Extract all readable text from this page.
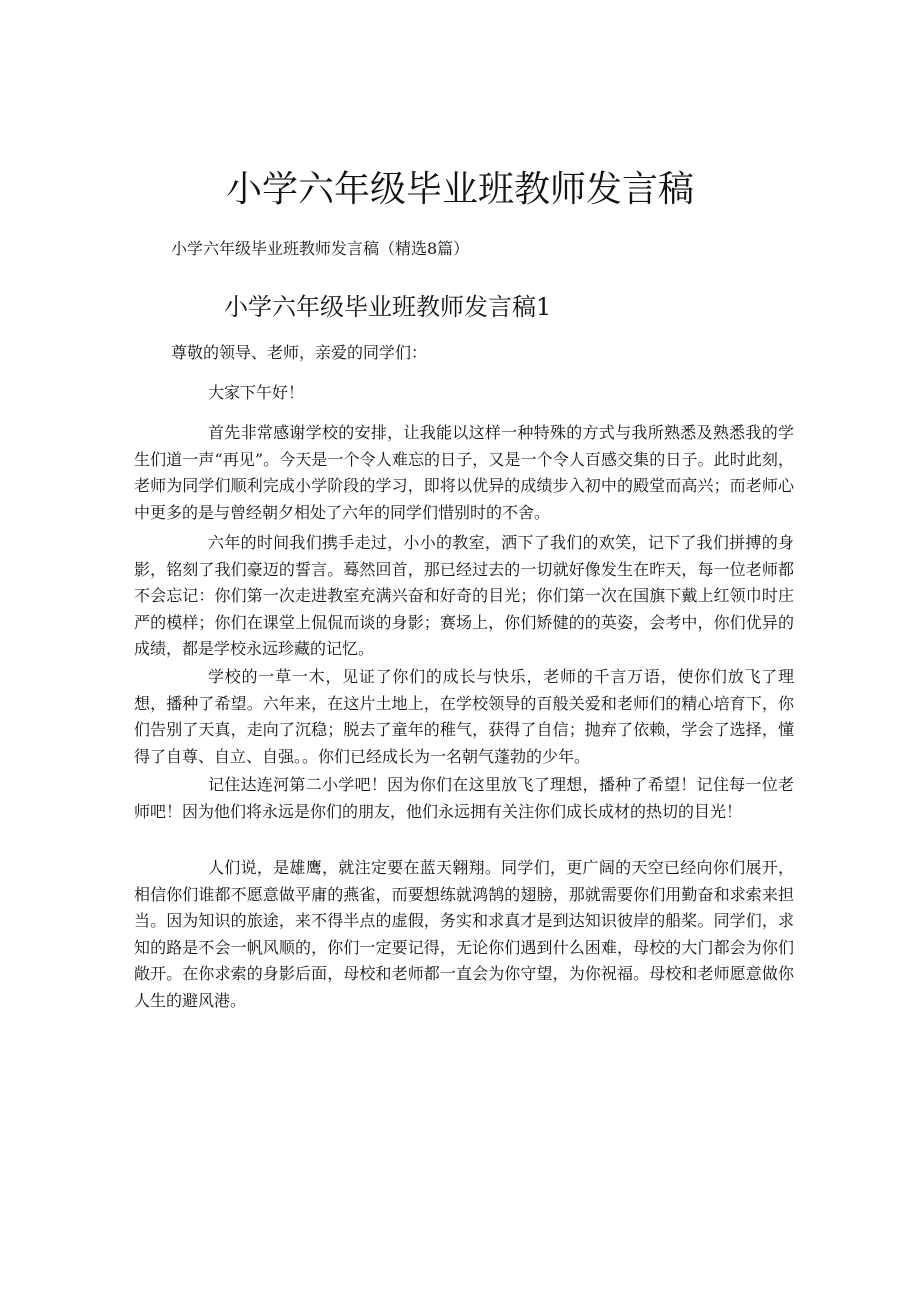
小学六年级毕业班教师发言稿

小学六年级毕业班教师发言稿（精选8篇）

小学六年级毕业班教师发言稿1

尊敬的领导、老师，亲爱的同学们：

大家下午好！

首先非常感谢学校的安排，让我能以这样一种特殊的方式与我所熟悉及熟悉我的学生们道一声“再见”。今天是一个令人难忘的日子，又是一个令人百感交集的日子。此时此刻，老师为同学们顺利完成小学阶段的学习，即将以优异的成绩步入初中的殿堂而高兴；而老师心中更多的是与曾经朝夕相处了六年的同学们惜别时的不舍。

六年的时间我们携手走过，小小的教室，洒下了我们的欢笑，记下了我们拼搏的身影，铭刻了我们豪迈的誓言。蓦然回首，那已经过去的一切就好像发生在昨天，每一位老师都不会忘记：你们第一次走进教室充满兴奋和好奇的目光；你们第一次在国旗下戴上红领巾时庄严的模样；你们在课堂上侃侃而谈的身影；赛场上，你们矫健的的英姿，会考中，你们优异的成绩，都是学校永远珍藏的记忆。

学校的一草一木，见证了你们的成长与快乐，老师的千言万语，使你们放飞了理想，播种了希望。六年来，在这片土地上，在学校领导的百般关爱和老师们的精心培育下，你们告别了天真，走向了沉稳；脱去了童年的稚气，获得了自信；抛弃了依赖，学会了选择，懂得了自尊、自立、自强。。你们已经成长为一名朝气蓬勃的少年。

记住达连河第二小学吧！因为你们在这里放飞了理想，播种了希望！记住每一位老师吧！因为他们将永远是你们的朋友，他们永远拥有关注你们成长成材的热切的目光！

人们说，是雄鹰，就注定要在蓝天翱翔。同学们，更广阔的天空已经向你们展开，相信你们谁都不愿意做平庸的燕雀，而要想练就鸿鹄的翅膀，那就需要你们用勤奋和求索来担当。因为知识的旅途，来不得半点的虚假，务实和求真才是到达知识彼岸的船桨。同学们，求知的路是不会一帆风顺的，你们一定要记得，无论你们遇到什么困难，母校的大门都会为你们敞开。在你求索的身影后面，母校和老师都一直会为你守望，为你祝福。母校和老师愿意做你人生的避风港。
